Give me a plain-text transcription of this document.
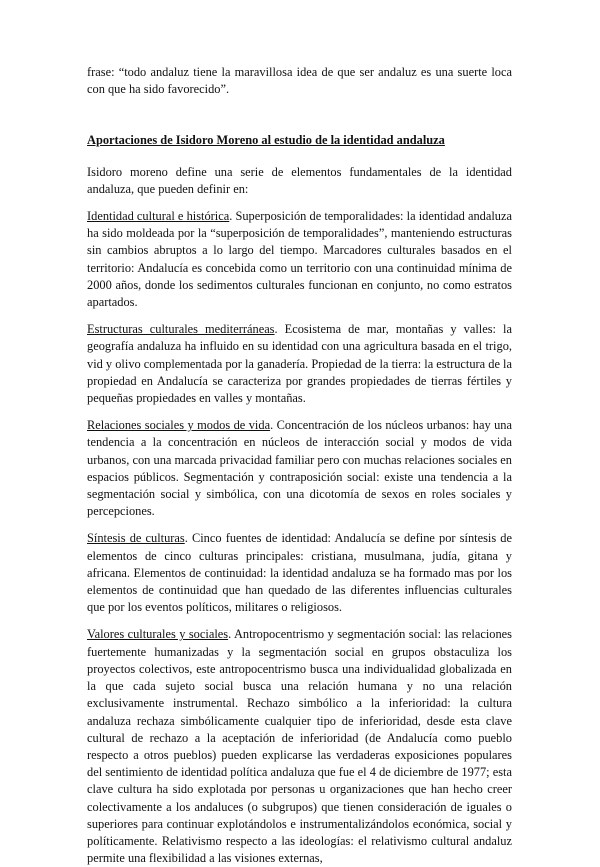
frase: “todo andaluz tiene la maravillosa idea de que ser andaluz es una suerte loca con que ha sido favorecido”.

Aportaciones de Isidoro Moreno al estudio de la identidad andaluza

Isidoro moreno define una serie de elementos fundamentales de la identidad andaluza, que pueden definir en:

Identidad cultural e histórica. Superposición de temporalidades: la identidad andaluza ha sido moldeada por la “superposición de temporalidades”, manteniendo estructuras sin cambios abruptos a lo largo del tiempo. Marcadores culturales basados en el territorio: Andalucía es concebida como un territorio con una continuidad mínima de 2000 años, donde los sedimentos culturales funcionan en conjunto, no como estratos apartados.

Estructuras culturales mediterráneas. Ecosistema de mar, montañas y valles: la geografía andaluza ha influido en su identidad con una agricultura basada en el trigo, vid y olivo complementada por la ganadería. Propiedad de la tierra: la estructura de la propiedad en Andalucía se caracteriza por grandes propiedades de tierras fértiles y pequeñas propiedades en valles y montañas.

Relaciones sociales y modos de vida. Concentración de los núcleos urbanos: hay una tendencia a la concentración en núcleos de interacción social y modos de vida urbanos, con una marcada privacidad familiar pero con muchas relaciones sociales en espacios públicos. Segmentación y contraposición social: existe una tendencia a la segmentación social y simbólica, con una dicotomía de sexos en roles sociales y percepciones.

Síntesis de culturas. Cinco fuentes de identidad: Andalucía se define por síntesis de elementos de cinco culturas principales: cristiana, musulmana, judía, gitana y africana. Elementos de continuidad: la identidad andaluza se ha formado mas por los elementos de continuidad que han quedado de las diferentes influencias culturales que por los eventos políticos, militares o religiosos.

Valores culturales y sociales. Antropocentrismo y segmentación social: las relaciones fuertemente humanizadas y la segmentación social en grupos obstaculiza los proyectos colectivos, este antropocentrismo busca una individualidad globalizada en la que cada sujeto social busca una relación humana y no una relación exclusivamente instrumental. Rechazo simbólico a la inferioridad: la cultura andaluza rechaza simbólicamente cualquier tipo de inferioridad, desde esta clave cultural de rechazo a la aceptación de inferioridad (de Andalucía como pueblo respecto a otros pueblos) pueden explicarse las verdaderas exposiciones populares del sentimiento de identidad política andaluza que fue el 4 de diciembre de 1977; esta clave cultura ha sido explotada por personas u organizaciones que han hecho creer colectivamente a los andaluces (o subgrupos) que tienen consideración de iguales o superiores para continuar explotándolos e instrumentalizándolos económica, social y políticamente. Relativismo respecto a las ideologías: el relativismo cultural andaluz permite una flexibilidad a las visiones externas,
